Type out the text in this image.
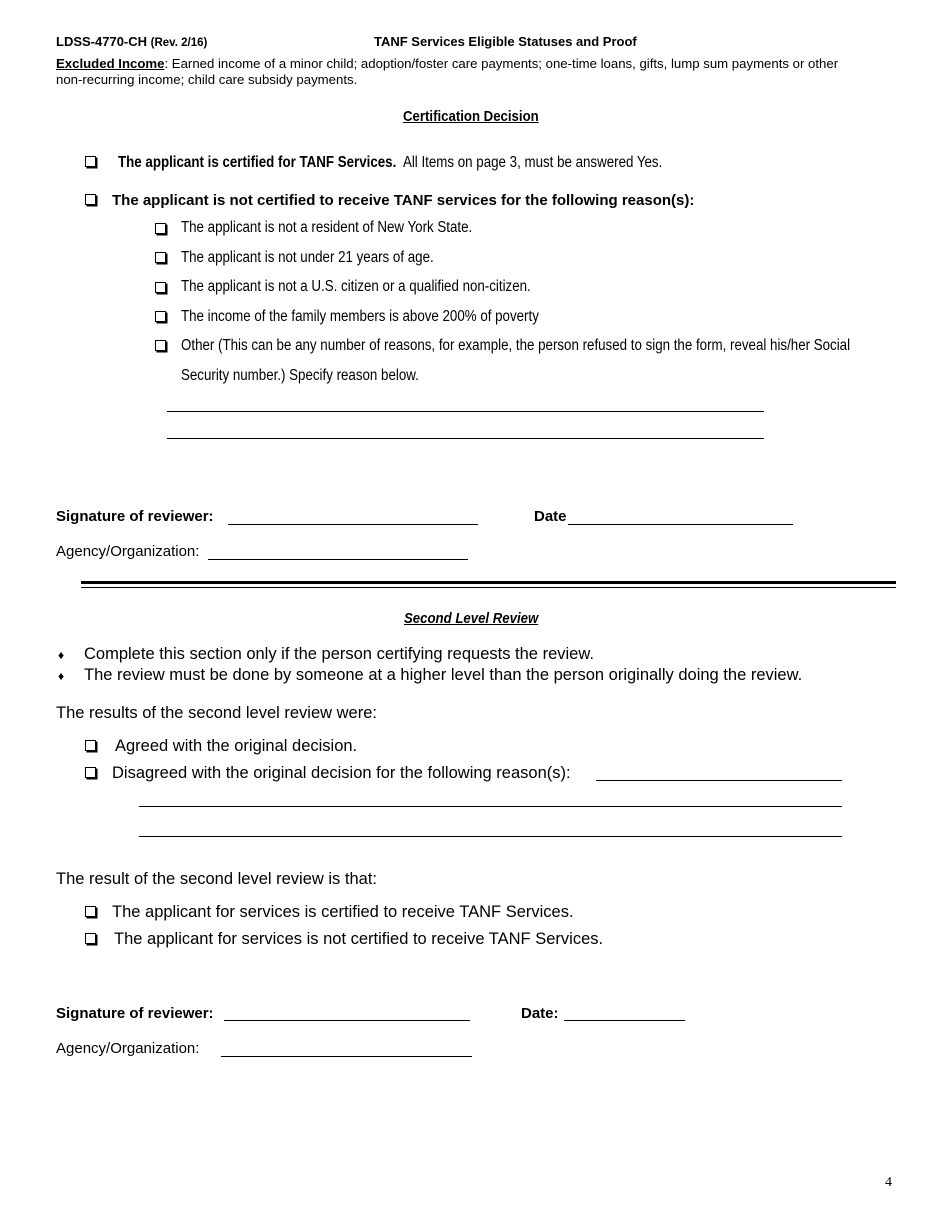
LDSS-4770-CH (Rev. 2/16)	TANF Services Eligible Statuses and Proof
Excluded Income: Earned income of a minor child; adoption/foster care payments; one-time loans, gifts, lump sum payments or other
non-recurring income; child care subsidy payments.
Certification Decision
The applicant is certified for TANF Services. All Items on page 3, must be answered Yes.
The applicant is not certified to receive TANF services for the following reason(s):
The applicant is not a resident of New York State.
The applicant is not under 21 years of age.
The applicant is not a U.S. citizen or a qualified non-citizen.
The income of the family members is above 200% of poverty
Other (This can be any number of reasons, for example, the person refused to sign the form, reveal his/her Social
Security number.) Specify reason below.
Signature of reviewer:	Date
Agency/Organization:
Second Level Review
♦ Complete this section only if the person certifying requests the review.
♦ The review must be done by someone at a higher level than the person originally doing the review.
The results of the second level review were:
Agreed with the original decision.
Disagreed with the original decision for the following reason(s):
The result of the second level review is that:
The applicant for services is certified to receive TANF Services.
The applicant for services is not certified to receive TANF Services.
Signature of reviewer:	Date:
Agency/Organization:
4
